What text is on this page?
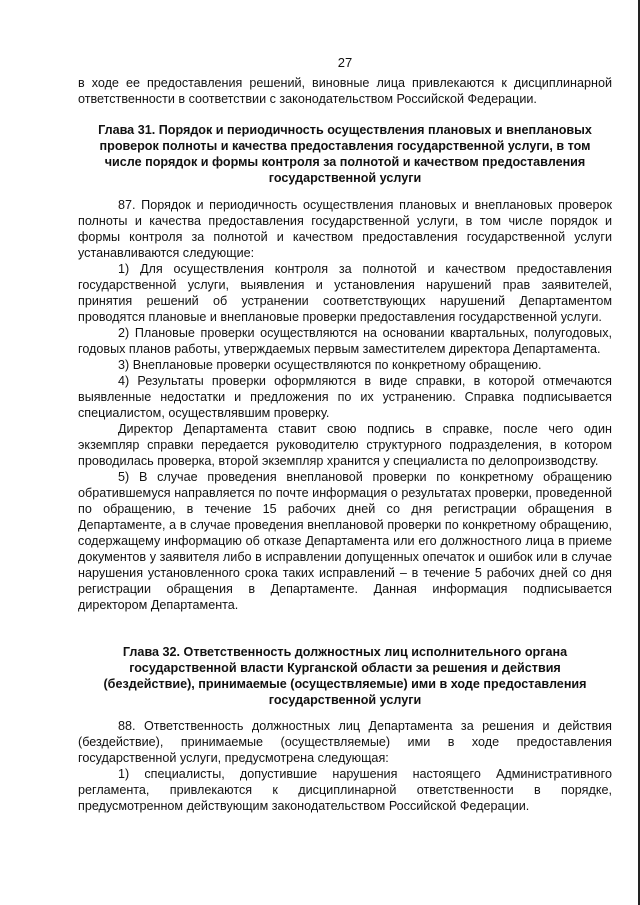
27

в ходе ее предоставления решений, виновные лица привлекаются к дисциплинарной ответственности в соответствии с законодательством Российской Федерации.

Глава 31. Порядок и периодичность осуществления плановых и внеплановых проверок полноты и качества предоставления государственной услуги, в том числе порядок и формы контроля за полнотой и качеством предоставления государственной услуги

87. Порядок и периодичность осуществления плановых и внеплановых проверок полноты и качества предоставления государственной услуги, в том числе порядок и формы контроля за полнотой и качеством предоставления государственной услуги устанавливаются следующие:

1) Для осуществления контроля за полнотой и качеством предоставления государственной услуги, выявления и установления нарушений прав заявителей, принятия решений об устранении соответствующих нарушений Департаментом проводятся плановые и внеплановые проверки предоставления государственной услуги.

2) Плановые проверки осуществляются на основании квартальных, полугодовых, годовых планов работы, утверждаемых первым заместителем директора Департамента.

3) Внеплановые проверки осуществляются по конкретному обращению.

4) Результаты проверки оформляются в виде справки, в которой отмечаются выявленные недостатки и предложения по их устранению. Справка подписывается специалистом, осуществлявшим проверку.

Директор Департамента ставит свою подпись в справке, после чего один экземпляр справки передается руководителю структурного подразделения, в котором проводилась проверка, второй экземпляр хранится у специалиста по делопроизводству.

5) В случае проведения внеплановой проверки по конкретному обращению обратившемуся направляется по почте информация о результатах проверки, проведенной по обращению, в течение 15 рабочих дней со дня регистрации обращения в Департаменте, а в случае проведения внеплановой проверки по конкретному обращению, содержащему информацию об отказе Департамента или его должностного лица в приеме документов у заявителя либо в исправлении допущенных опечаток и ошибок или в случае нарушения установленного срока таких исправлений – в течение 5 рабочих дней со дня регистрации обращения в Департаменте. Данная информация подписывается директором Департамента.

Глава 32. Ответственность должностных лиц исполнительного органа государственной власти Курганской области за решения и действия (бездействие), принимаемые (осуществляемые) ими в ходе предоставления государственной услуги

88. Ответственность должностных лиц Департамента за решения и действия (бездействие), принимаемые (осуществляемые) ими в ходе предоставления государственной услуги, предусмотрена следующая:

1) специалисты, допустившие нарушения настоящего Административного регламента, привлекаются к дисциплинарной ответственности в порядке, предусмотренном действующим законодательством Российской Федерации.
